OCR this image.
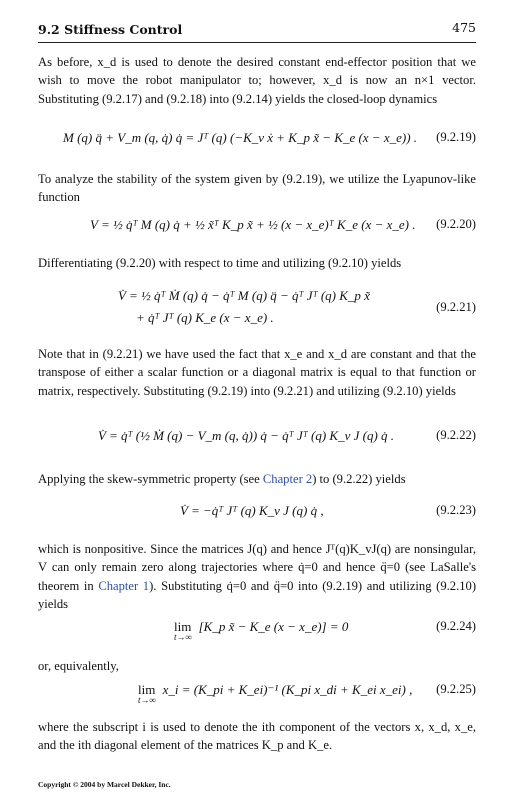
9.2 Stiffness Control	475
As before, x_d is used to denote the desired constant end-effector position that we wish to move the robot manipulator to; however, x_d is now an n×1 vector. Substituting (9.2.17) and (9.2.18) into (9.2.14) yields the closed-loop dynamics
M (q) q̈ + V_m (q, q̇) q̇ = Jᵀ (q) (−K_v ẋ + K_p x̃ − K_e (x − x_e)) . (9.2.19)
To analyze the stability of the system given by (9.2.19), we utilize the Lyapunov-like function
V = ½ q̇ᵀ M (q) q̇ + ½ x̃ᵀ K_p x̃ + ½ (x − x_e)ᵀ K_e (x − x_e) . (9.2.20)
Differentiating (9.2.20) with respect to time and utilizing (9.2.10) yields
V̇ = ½ q̇ᵀ Ṁ (q) q̇ − q̇ᵀ M (q) q̈ − q̇ᵀ Jᵀ (q) K_p x̃
+ q̇ᵀ Jᵀ (q) K_e (x − x_e) .
(9.2.21)
Note that in (9.2.21) we have used the fact that x_e and x_d are constant and that the transpose of either a scalar function or a diagonal matrix is equal to that function or matrix, respectively. Substituting (9.2.19) into (9.2.21) and utilizing (9.2.10) yields
V̇ = q̇ᵀ (½ Ṁ (q) − V_m (q, q̇)) q̇ − q̇ᵀ Jᵀ (q) K_v J (q) q̇ .	(9.2.22)
Applying the skew-symmetric property (see Chapter 2) to (9.2.22) yields
V̇ = −q̇ᵀ Jᵀ (q) K_v J (q) q̇ ,	(9.2.23)
which is nonpositive. Since the matrices J(q) and hence Jᵀ(q)K_vJ(q) are nonsingular, V can only remain zero along trajectories where q̇=0 and hence q̈=0 (see LaSalle's theorem in Chapter 1). Substituting q̇=0 and q̈=0 into (9.2.19) and utilizing (9.2.10) yields
lim
t→∞
[K_p x̃ − K_e (x − x_e)] = 0	(9.2.24)
or, equivalently,
lim
t→∞
x_i = (K_pi + K_ei)⁻¹ (K_pi x_di + K_ei x_ei) , (9.2.25)
where the subscript i is used to denote the ith component of the vectors x, x_d, x_e, and the ith diagonal element of the matrices K_p and K_e.
Copyright © 2004 by Marcel Dekker, Inc.
